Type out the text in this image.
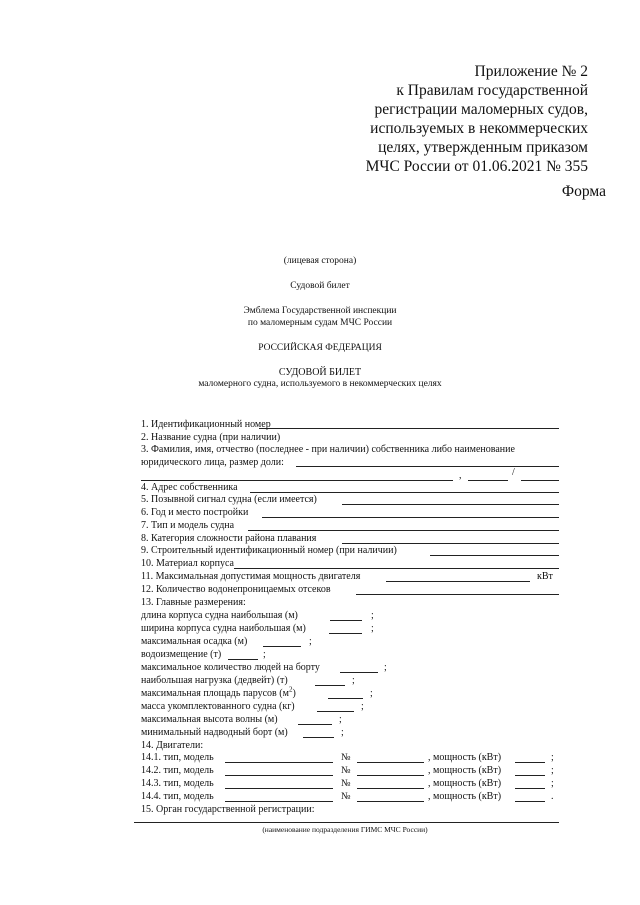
Приложение № 2
к Правилам государственной
регистрации маломерных судов,
используемых в некоммерческих
целях, утвержденным приказом
МЧС России от 01.06.2021 № 355
Форма
(лицевая сторона)
Судовой билет
Эмблема Государственной инспекции
по маломерным судам МЧС России
РОССИЙСКАЯ ФЕДЕРАЦИЯ
СУДОВОЙ БИЛЕТ
маломерного судна, используемого в некоммерческих целях
1. Идентификационный номер
2. Название судна (при наличии)
3. Фамилия, имя, отчество (последнее - при наличии) собственника либо наименование
юридического лица, размер доли:
,	/
4. Адрес собственника
5. Позывной сигнал судна (если имеется)
6. Год и место постройки
7. Тип и модель судна
8. Категория сложности района плавания
9. Строительный идентификационный номер (при наличии)
10. Материал корпуса
11. Максимальная допустимая мощность двигателя	кВт
12. Количество водонепроницаемых отсеков
13. Главные размерения:
длина корпуса судна наибольшая (м)	;
ширина корпуса судна наибольшая (м)	;
максимальная осадка (м)	;
водоизмещение (т)	;
максимальное количество людей на борту	;
наибольшая нагрузка (дедвейт) (т)	;
максимальная площадь парусов $(м^2)$	;
масса укомплектованного судна (кг)	;
максимальная высота волны (м)	;
минимальный надводный борт (м)	;
14. Двигатели:
14.1. тип, модель	№	, мощность (кВт)	;
14.2. тип, модель	№	, мощность (кВт)	;
14.3. тип, модель	№	, мощность (кВт)	;
14.4. тип, модель	№	, мощность (кВт)	.
15. Орган государственной регистрации:
(наименование подразделения ГИМС МЧС России)
